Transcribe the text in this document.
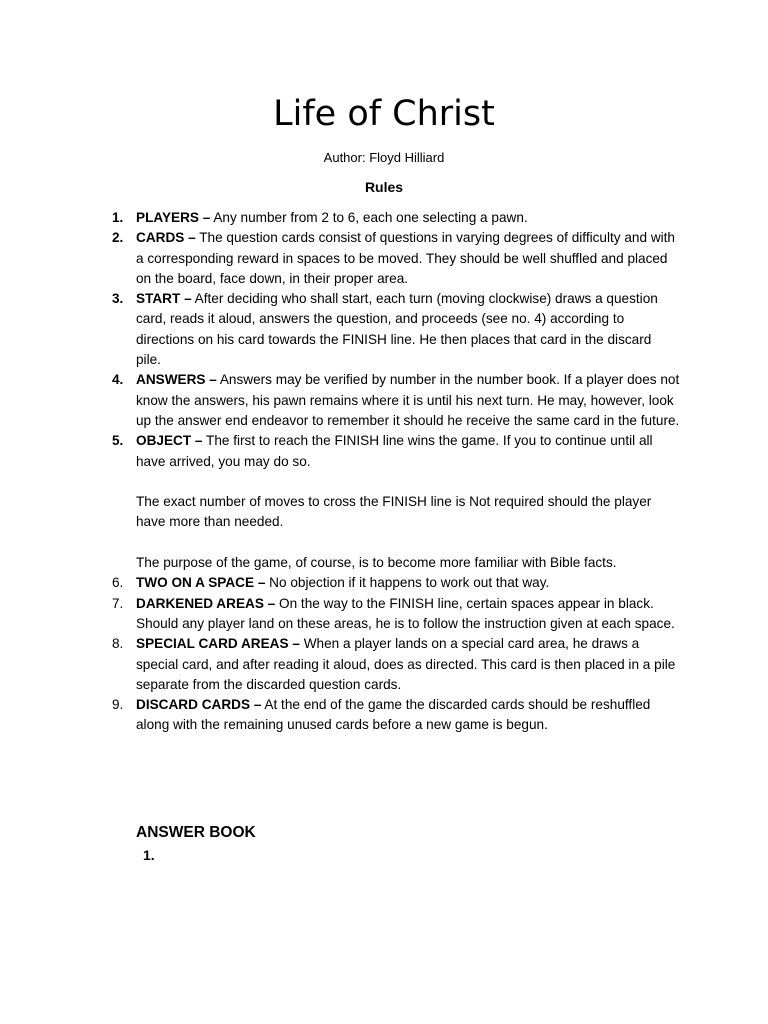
Life of Christ
Author: Floyd Hilliard
Rules
1. PLAYERS – Any number from 2 to 6, each one selecting a pawn.
2. CARDS – The question cards consist of questions in varying degrees of difficulty and with a corresponding reward in spaces to be moved. They should be well shuffled and placed on the board, face down, in their proper area.
3. START – After deciding who shall start, each turn (moving clockwise) draws a question card, reads it aloud, answers the question, and proceeds (see no. 4) according to directions on his card towards the FINISH line. He then places that card in the discard pile.
4. ANSWERS – Answers may be verified by number in the number book. If a player does not know the answers, his pawn remains where it is until his next turn. He may, however, look up the answer end endeavor to remember it should he receive the same card in the future.
5. OBJECT – The first to reach the FINISH line wins the game. If you to continue until all have arrived, you may do so.
The exact number of moves to cross the FINISH line is Not required should the player have more than needed.
The purpose of the game, of course, is to become more familiar with Bible facts.
6. TWO ON A SPACE – No objection if it happens to work out that way.
7. DARKENED AREAS – On the way to the FINISH line, certain spaces appear in black. Should any player land on these areas, he is to follow the instruction given at each space.
8. SPECIAL CARD AREAS – When a player lands on a special card area, he draws a special card, and after reading it aloud, does as directed. This card is then placed in a pile separate from the discarded question cards.
9. DISCARD CARDS – At the end of the game the discarded cards should be reshuffled along with the remaining unused cards before a new game is begun.
ANSWER BOOK
1.
